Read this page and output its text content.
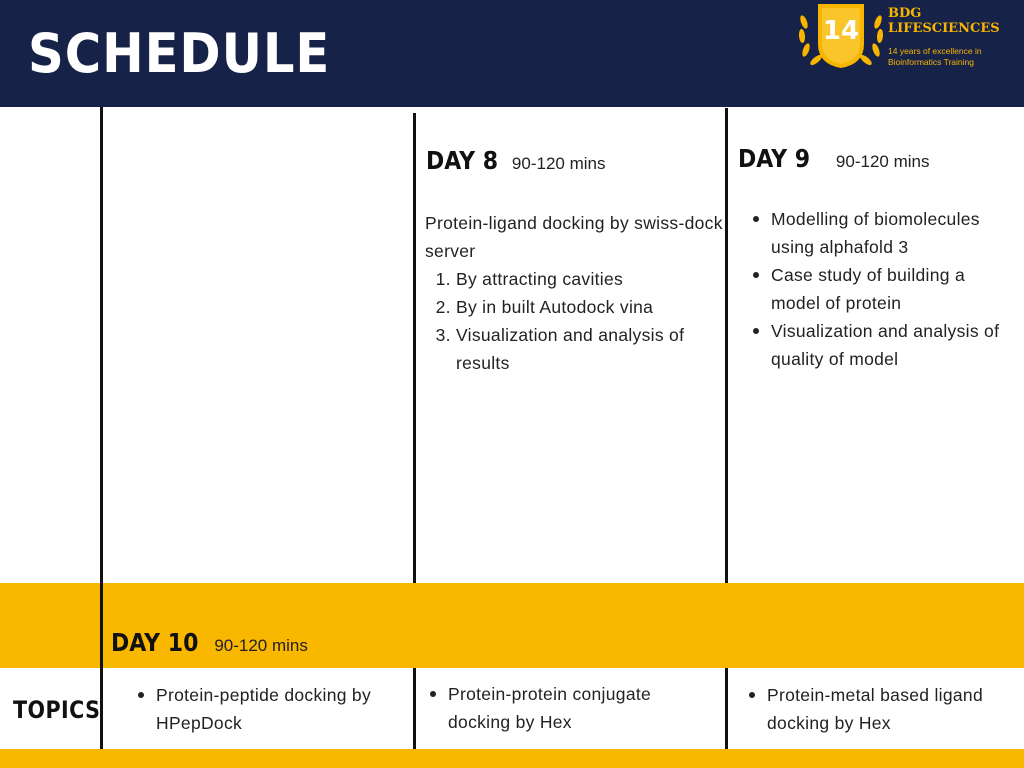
SCHEDULE	14
BDG LIFESCIENCES
14 years of excellence in Bioinformatics Training
DAY 8 90-120 mins
Protein-ligand docking by swiss-dock server
1. By attracting cavities
2. By in built Autodock vina
3. Visualization and analysis of results
DAY 9 90-120 mins
Modelling of biomolecules using alphafold 3
Case study of building a model of protein
Visualization and analysis of quality of model
DAY 10 90-120 mins
TOPICS
Protein-peptide docking by HPepDock
Protein-protein conjugate docking by Hex
Protein-metal based ligand docking by Hex
